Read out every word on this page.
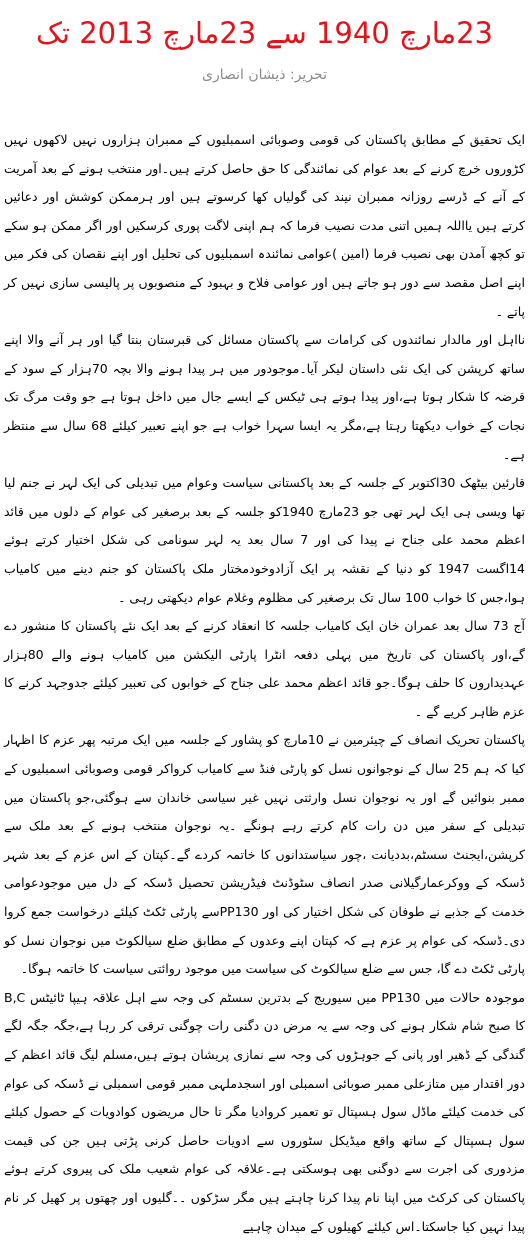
23مارچ 1940 سے 23مارچ 2013 تک
تحریر: ذیشان انصاری

ایک تحقیق کے مطابق پاکستان کی قومی وصوبائی اسمبلیوں کے ممبران ہزاروں نہیں لاکھوں نہیں کڑوروں خرچ کرنے کے بعد عوام کی نمائندگی کا حق حاصل کرتے ہیں۔اور منتخب ہونے کے بعد آمریت کے آنے کے ڈرسے روزانہ ممبران نیند کی گولیاں کھا کرسوتے ہیں اور ہرممکن کوشش اور دعائیں کرتے ہیں یااللہ ہمیں اتنی مدت نصیب فرما کہ ہم اپنی لاگت پوری کرسکیں اور اگر ممکن ہو سکے تو کچھ آمدن بھی نصیب فرما (امین )عوامی نمائندہ اسمبلیوں کی تحلیل اور اپنے نقصان کی فکر میں اپنے اصل مقصد سے دور ہو جاتے ہیں اور عوامی فلاح و بہبود کے منصوبوں پر پالیسی سازی نہیں کر پاتے ۔

نااہل اور مالدار نمائندوں کی کرامات سے پاکستان مسائل کی قبرستان بنتا گیا اور ہر آنے والا اپنے ساتھ کرپشن کی ایک نئی داستان لیکر آیا۔موجودور میں ہر پیدا ہونے والا بچہ 70ہزار کے سود کے قرضہ کا شکار ہوتا ہے،اور پیدا ہوتے ہی ٹیکس کے ایسے جال میں داخل ہوتا ہے جو وقت مرگ تک نجات کے خواب دیکھتا رہتا ہے،مگر یہ ایسا سہرا خواب ہے جو اپنے تعبیر کیلئے 68 سال سے منتظر ہے۔

قارئین بیٹھک 30اکتوبر کے جلسہ کے بعد پاکستانی سیاست وعوام میں تبدیلی کی ایک لہر نے جنم لیا تھا ویسی ہی ایک لہر تھی جو 23مارچ 1940کو جلسہ کے بعد برصغیر کی عوام کے دلوں میں قائد اعظم محمد علی جناح نے پیدا کی اور 7 سال بعد یہ لہر سونامی کی شکل اختیار کرتے ہوئے 14اگست 1947 کو دنیا کے نقشہ پر ایک آزادوخودمختار ملک پاکستان کو جنم دینے میں کامیاب ہوا،جس کا خواب 100 سال تک برصغیر کی مظلوم وغلام عوام دیکھتی رہی ۔

آج 73 سال بعد عمران خان ایک کامیاب جلسہ کا انعقاد کرنے کے بعد ایک نئے پاکستان کا منشور دے گے،اور پاکستان کی تاریخ میں پہلی دفعہ انٹرا پارٹی الیکشن میں کامیاب ہونے والے 80ہزار عہدیداروں کا حلف ہوگا۔جو قائد اعظم محمد علی جناح کے خوابوں کی تعبیر کیلئے جدوجہد کرنے کا عزم ظاہر کریے گے ۔

پاکستان تحریک انصاف کے چیئرمین نے 10مارچ کو پشاور کے جلسہ میں ایک مرتبہ پھر عزم کا اظہار کیا کہ ہم 25 سال کے نوجوانوں نسل کو پارٹی فنڈ سے کامیاب کرواکر قومی وصوبائی اسمبلیوں کے ممبر بنوائیں گے اور یہ نوجوان نسل وارثتی نہیں غیر سیاسی خاندان سے ہوگئی،جو پاکستان میں تبدیلی کے سفر میں دن رات کام کرتے رہے ہونگے ۔یہ نوجوان منتخب ہونے کے بعد ملک سے کرپشن،ایجنٹ سسٹم،بددیانت ،چور سیاستدانوں کا خاتمہ کردے گے۔کپتان کے اس عزم کے بعد شہر ڈسکہ کے ووکرعمارگیلانی صدر انصاف سٹوڈنٹ فیڈریشن تحصیل ڈسکہ کے دل میں موجودعوامی خدمت کے جذبے نے طوفان کی شکل اختیار کی اور PP130سے پارٹی ٹکٹ کیلئے درخواست جمع کروا دی۔ڈسکہ کی عوام پر عزم ہے کہ کپتان اپنے وعدوں کے مطابق ضلع سیالکوٹ میں نوجوان نسل کو پارٹی ٹکٹ دے گا، جس سے ضلع سیالکوٹ کی سیاست میں موجود روائتی سیاست کا خاتمہ ہوگا۔

موجودہ حالات میں PP130 میں سیوریج کے بدترین سسٹم کی وجہ سے اہل علاقہ ہیپا ٹائیٹس B,C کا صبح شام شکار ہونے کی وجہ سے یہ مرض دن دگنی رات چوگنی ترقی کر رہا ہے،جگہ جگہ لگے گندگی کے ڈھیر اور پانی کے جوہڑوں کی وجہ سے نمازی پریشان ہوتے ہیں،مسلم لیگ قائد اعظم کے دور اقتدار میں متازعلی ممبر صوبائی اسمبلی اور اسجدملہی ممبر قومی اسمبلی نے ڈسکہ کی عوام کی خدمت کیلئے ماڈل سول ہسپتال تو تعمیر کروادیا مگر تا حال مریضوں کوادویات کے حصول کیلئے سول ہسپتال کے ساتھ واقع میڈیکل سٹوروں سے ادویات حاصل کرنی پڑتی ہیں جن کی قیمت مزدوری کی اجرت سے دوگنی بھی ہوسکتی ہے۔علاقہ کی عوام شعیب ملک کی پیروی کرتے ہوئے پاکستان کی کرکٹ میں اپنا نام پیدا کرنا چاہتے ہیں مگر سڑکوں ۔۔گلیوں اور چھتوں پر کھیل کر نام پیدا نہیں کیا جاسکتا۔اس کیلئے کھیلوں کے میدان چاہیے
